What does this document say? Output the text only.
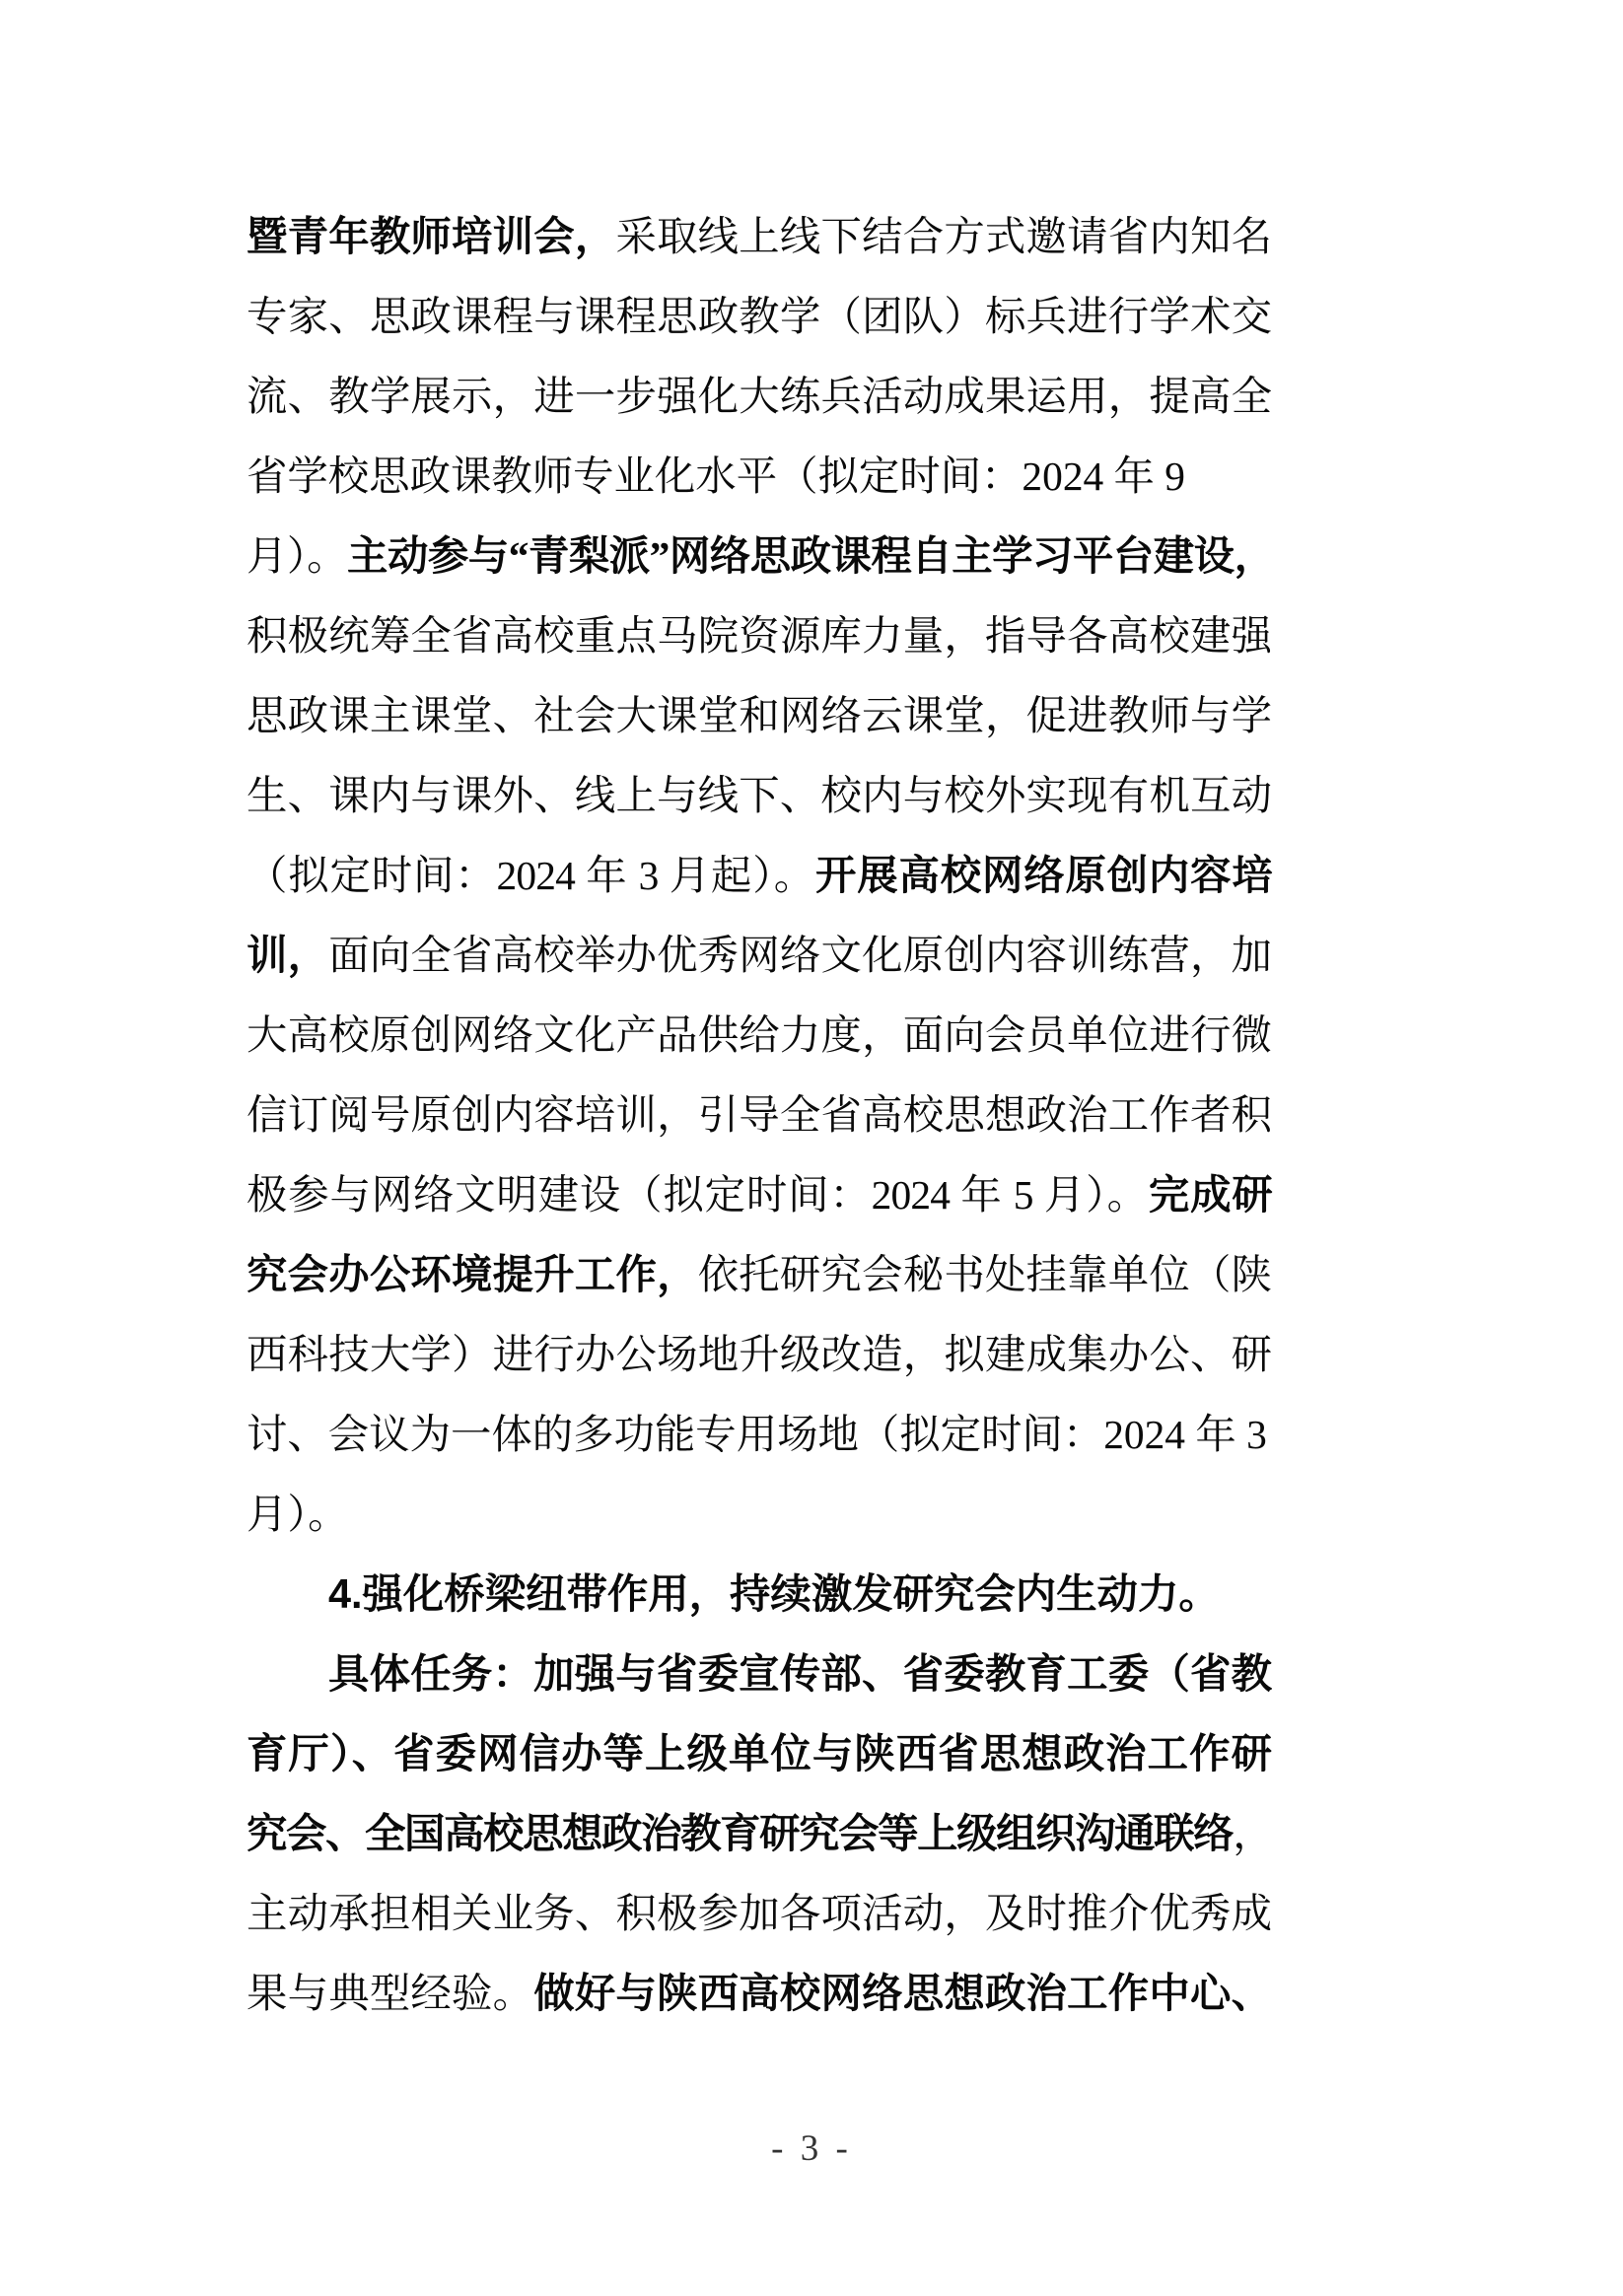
暨青年教师培训会，采取线上线下结合方式邀请省内知名
专家、思政课程与课程思政教学（团队）标兵进行学术交
流、教学展示，进一步强化大练兵活动成果运用，提高全
省学校思政课教师专业化水平（拟定时间：2024 年 9
月）。主动参与“青梨派”网络思政课程自主学习平台建设，
积极统筹全省高校重点马院资源库力量，指导各高校建强
思政课主课堂、社会大课堂和网络云课堂，促进教师与学
生、课内与课外、线上与线下、校内与校外实现有机互动
（拟定时间：2024 年 3 月起）。开展高校网络原创内容培
训，面向全省高校举办优秀网络文化原创内容训练营，加
大高校原创网络文化产品供给力度，面向会员单位进行微
信订阅号原创内容培训，引导全省高校思想政治工作者积
极参与网络文明建设（拟定时间：2024 年 5 月）。完成研
究会办公环境提升工作，依托研究会秘书处挂靠单位（陕
西科技大学）进行办公场地升级改造，拟建成集办公、研
讨、会议为一体的多功能专用场地（拟定时间：2024 年 3
月）。
4.强化桥梁纽带作用，持续激发研究会内生动力。
具体任务：加强与省委宣传部、省委教育工委（省教
育厅）、省委网信办等上级单位与陕西省思想政治工作研
究会、全国高校思想政治教育研究会等上级组织沟通联络，
主动承担相关业务、积极参加各项活动，及时推介优秀成
果与典型经验。做好与陕西高校网络思想政治工作中心、
- 3 -
